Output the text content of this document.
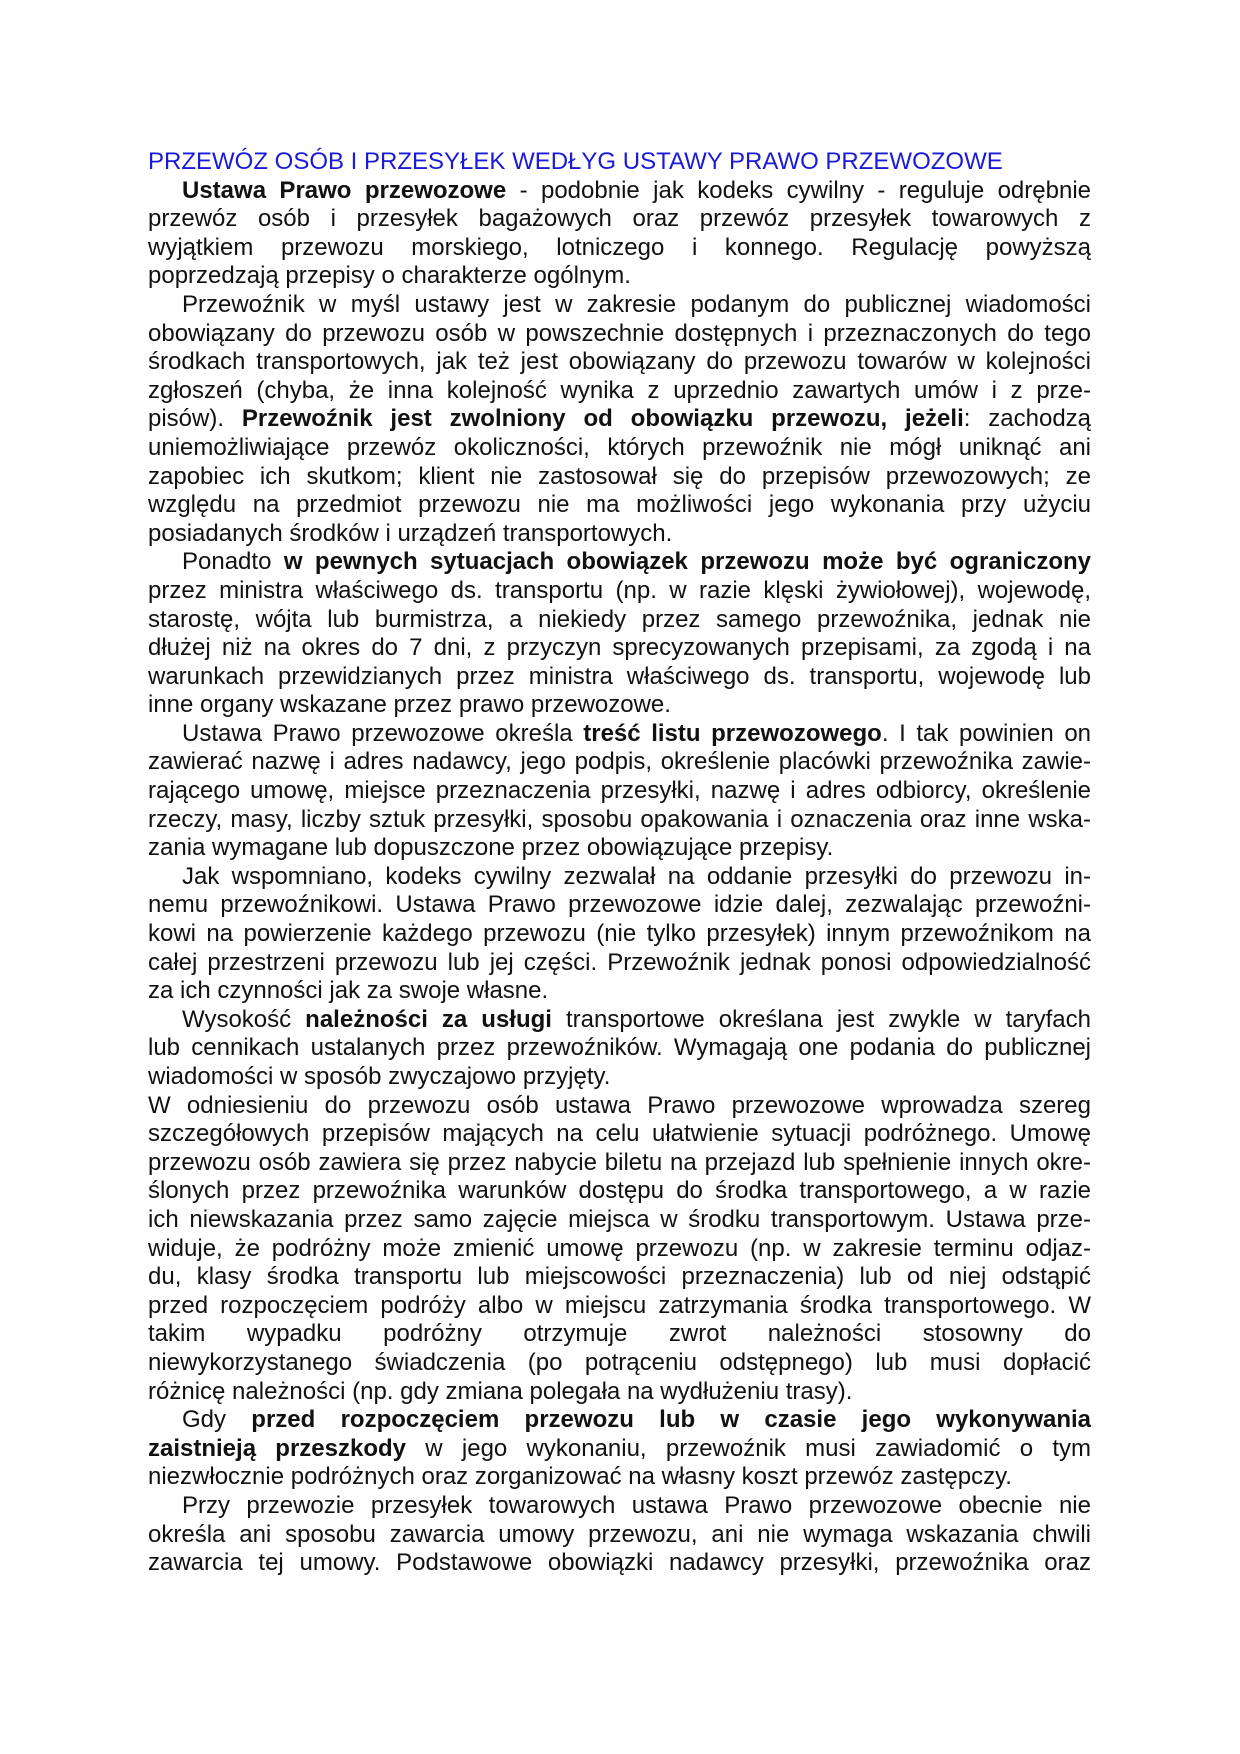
PRZEWÓZ OSÓB I PRZESYŁEK WEDŁYG USTAWY PRAWO PRZEWOZOWE
Ustawa Prawo przewozowe - podobnie jak kodeks cywilny - reguluje odrębnie
przewóz osób i przesyłek bagażowych oraz przewóz przesyłek towarowych z
wyjątkiem przewozu morskiego, lotniczego i konnego. Regulację powyższą
poprzedzają przepisy o charakterze ogólnym.
Przewoźnik w myśl ustawy jest w zakresie podanym do publicznej wiadomości
obowiązany do przewozu osób w powszechnie dostępnych i przeznaczonych do tego
środkach transportowych, jak też jest obowiązany do przewozu towarów w kolejności
zgłoszeń (chyba, że inna kolejność wynika z uprzednio zawartych umów i z prze-
pisów). Przewoźnik jest zwolniony od obowiązku przewozu, jeżeli: zachodzą
uniemożliwiające przewóz okoliczności, których przewoźnik nie mógł uniknąć ani
zapobiec ich skutkom; klient nie zastosował się do przepisów przewozowych; ze
względu na przedmiot przewozu nie ma możliwości jego wykonania przy użyciu
posiadanych środków i urządzeń transportowych.
Ponadto w pewnych sytuacjach obowiązek przewozu może być ograniczony
przez ministra właściwego ds. transportu (np. w razie klęski żywiołowej), wojewodę,
starostę, wójta lub burmistrza, a niekiedy przez samego przewoźnika, jednak nie
dłużej niż na okres do 7 dni, z przyczyn sprecyzowanych przepisami, za zgodą i na
warunkach przewidzianych przez ministra właściwego ds. transportu, wojewodę lub
inne organy wskazane przez prawo przewozowe.
Ustawa Prawo przewozowe określa treść listu przewozowego. I tak powinien on
zawierać nazwę i adres nadawcy, jego podpis, określenie placówki przewoźnika zawie-
rającego umowę, miejsce przeznaczenia przesyłki, nazwę i adres odbiorcy, określenie
rzeczy, masy, liczby sztuk przesyłki, sposobu opakowania i oznaczenia oraz inne wska-
zania wymagane lub dopuszczone przez obowiązujące przepisy.
Jak wspomniano, kodeks cywilny zezwalał na oddanie przesyłki do przewozu in-
nemu przewoźnikowi. Ustawa Prawo przewozowe idzie dalej, zezwalając przewoźni-
kowi na powierzenie każdego przewozu (nie tylko przesyłek) innym przewoźnikom na
całej przestrzeni przewozu lub jej części. Przewoźnik jednak ponosi odpowiedzialność
za ich czynności jak za swoje własne.
Wysokość należności za usługi transportowe określana jest zwykle w taryfach
lub cennikach ustalanych przez przewoźników. Wymagają one podania do publicznej
wiadomości w sposób zwyczajowo przyjęty.
W odniesieniu do przewozu osób ustawa Prawo przewozowe wprowadza szereg
szczegółowych przepisów mających na celu ułatwienie sytuacji podróżnego. Umowę
przewozu osób zawiera się przez nabycie biletu na przejazd lub spełnienie innych okre-
ślonych przez przewoźnika warunków dostępu do środka transportowego, a w razie
ich niewskazania przez samo zajęcie miejsca w środku transportowym. Ustawa prze-
widuje, że podróżny może zmienić umowę przewozu (np. w zakresie terminu odjaz-
du, klasy środka transportu lub miejscowości przeznaczenia) lub od niej odstąpić
przed rozpoczęciem podróży albo w miejscu zatrzymania środka transportowego. W
takim wypadku podróżny otrzymuje zwrot należności stosowny do
niewykorzystanego świadczenia (po potrąceniu odstępnego) lub musi dopłacić
różnicę należności (np. gdy zmiana polegała na wydłużeniu trasy).
Gdy przed rozpoczęciem przewozu lub w czasie jego wykonywania
zaistnieją przeszkody w jego wykonaniu, przewoźnik musi zawiadomić o tym
niezwłocznie podróżnych oraz zorganizować na własny koszt przewóz zastępczy.
Przy przewozie przesyłek towarowych ustawa Prawo przewozowe obecnie nie
określa ani sposobu zawarcia umowy przewozu, ani nie wymaga wskazania chwili
zawarcia tej umowy. Podstawowe obowiązki nadawcy przesyłki, przewoźnika oraz
